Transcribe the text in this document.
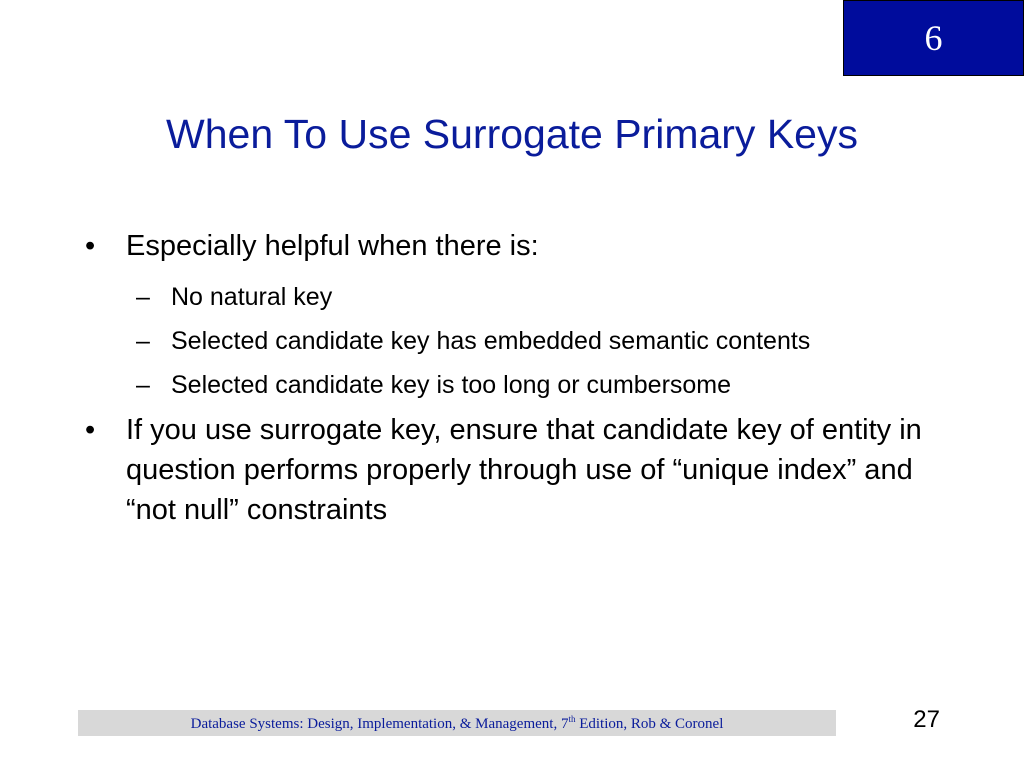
6
When To Use Surrogate Primary Keys
•	Especially helpful when there is:
– No natural key
– Selected candidate key has embedded semantic contents
– Selected candidate key is too long or cumbersome
•	If you use surrogate key, ensure that candidate key of entity in question performs properly through use of “unique index” and “not null” constraints
Database Systems: Design, Implementation, & Management, 7th Edition, Rob & Coronel	27
